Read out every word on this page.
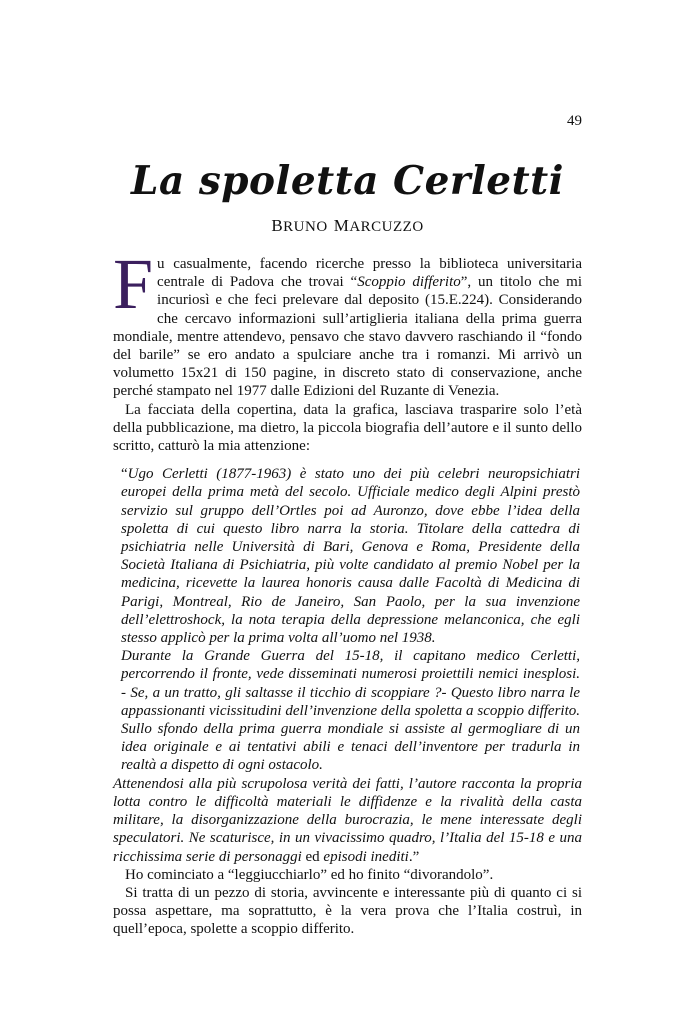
49
La spoletta Cerletti
BRUNO MARCUZZO

Fu casualmente, facendo ricerche presso la biblioteca universitaria centrale di Padova che trovai “Scoppio differito”, un titolo che mi incuriosì e che feci prelevare dal deposito (15.E.224). Considerando che cercavo informazioni sull’artiglieria italiana della prima guerra mondiale, mentre attendevo, pensavo che stavo davvero raschiando il “fondo del barile” se ero andato a spulciare anche tra i romanzi. Mi arrivò un volumetto 15x21 di 150 pagine, in discreto stato di conservazione, anche perché stampato nel 1977 dalle Edizioni del Ruzante di Venezia.

La facciata della copertina, data la grafica, lasciava trasparire solo l’età della pubblicazione, ma dietro, la piccola biografia dell’autore e il sunto dello scritto, catturò la mia attenzione:

“Ugo Cerletti (1877-1963) è stato uno dei più celebri neuropsichiatri europei della prima metà del secolo. Ufficiale medico degli Alpini prestò servizio sul gruppo dell’Ortles poi ad Auronzo, dove ebbe l’idea della spoletta di cui questo libro narra la storia. Titolare della cattedra di psichiatria nelle Università di Bari, Genova e Roma, Presidente della Società Italiana di Psichiatria, più volte candidato al premio Nobel per la medicina, ricevette la laurea honoris causa dalle Facoltà di Medicina di Parigi, Montreal, Rio de Janeiro, San Paolo, per la sua invenzione dell’elettroshock, la nota terapia della depressione melanconica, che egli stesso applicò per la prima volta all’uomo nel 1938.

Durante la Grande Guerra del 15-18, il capitano medico Cerletti, percorrendo il fronte, vede disseminati numerosi proiettili nemici inesplosi. - Se, a un tratto, gli saltasse il ticchio di scoppiare ?- Questo libro narra le appassionanti vicissitudini dell’invenzione della spoletta a scoppio differito. Sullo sfondo della prima guerra mondiale si assiste al germogliare di un idea originale e ai tentativi abili e tenaci dell’inventore per tradurla in realtà a dispetto di ogni ostacolo.

Attenendosi alla più scrupolosa verità dei fatti, l’autore racconta la propria lotta contro le difficoltà materiali le diffidenze e la rivalità della casta militare, la disorganizzazione della burocrazia, le mene interessate degli speculatori. Ne scaturisce, in un vivacissimo quadro, l’Italia del 15-18 e una ricchissima serie di personaggi ed episodi inediti.”

Ho cominciato a “leggiucchiarlo” ed ho finito “divorandolo”.

Si tratta di un pezzo di storia, avvincente e interessante più di quanto ci si possa aspettare, ma soprattutto, è la vera prova che l’Italia costruì, in quell’epoca, spolette a scoppio differito.
